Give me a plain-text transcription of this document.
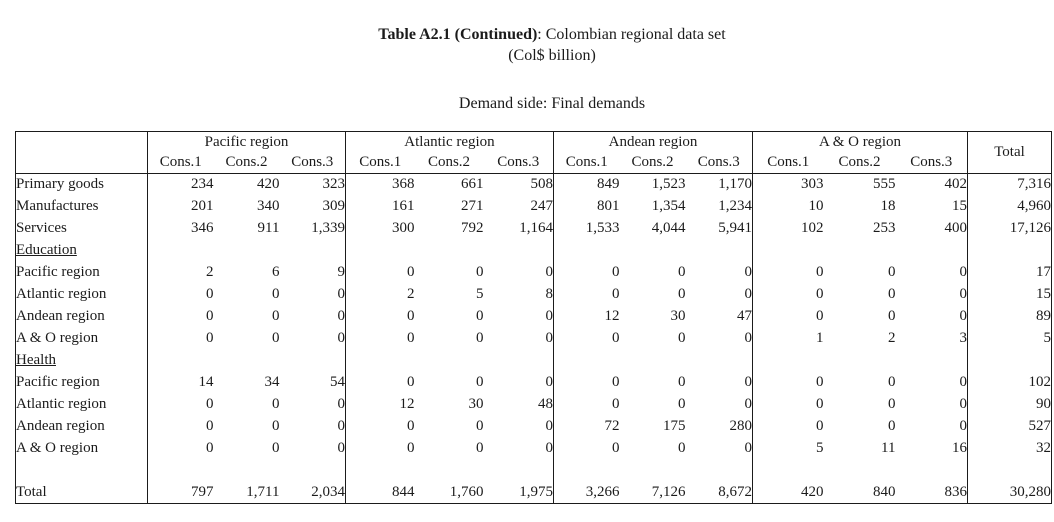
Table A2.1 (Continued): Colombian regional data set
(Col$ billion)
Demand side: Final demands
	Pacific region			Atlantic region			Andean region			A & O region			Total
	Cons.1	Cons.2	Cons.3	Cons.1	Cons.2	Cons.3	Cons.1	Cons.2	Cons.3	Cons.1	Cons.2	Cons.3	
Primary goods	234	420	323	368	661	508	849	1,523	1,170	303	555	402	7,316
Manufactures	201	340	309	161	271	247	801	1,354	1,234	10	18	15	4,960
Services	346	911	1,339	300	792	1,164	1,533	4,044	5,941	102	253	400	17,126
Education													
Pacific region	2	6	9	0	0	0	0	0	0	0	0	0	17
Atlantic region	0	0	0	2	5	8	0	0	0	0	0	0	15
Andean region	0	0	0	0	0	0	12	30	47	0	0	0	89
A & O region	0	0	0	0	0	0	0	0	0	1	2	3	5
Health													
Pacific region	14	34	54	0	0	0	0	0	0	0	0	0	102
Atlantic region	0	0	0	12	30	48	0	0	0	0	0	0	90
Andean region	0	0	0	0	0	0	72	175	280	0	0	0	527
A & O region	0	0	0	0	0	0	0	0	0	5	11	16	32

Total	797	1,711	2,034	844	1,760	1,975	3,266	7,126	8,672	420	840	836	30,280
